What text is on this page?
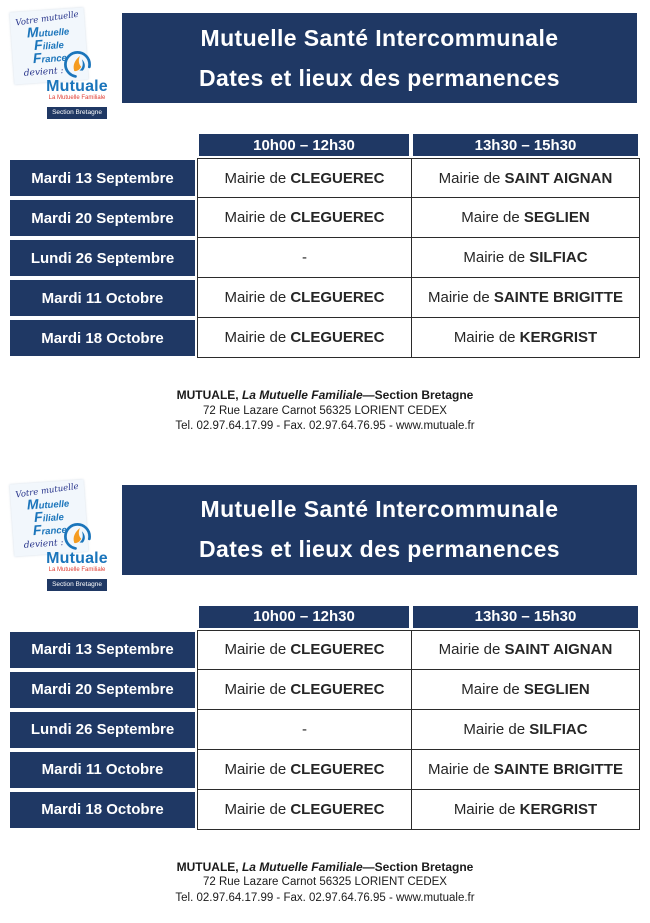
Votre mutuelle
Mutuelle
Filiale
France
devient :
Mutuale
La Mutuelle Familiale
Section Bretagne
Mutuelle Santé Intercommunale
Dates et lieux des permanences
10h00 – 12h30	13h30 – 15h30
Mardi 13 Septembre	Mairie de CLEGUEREC	Mairie de SAINT AIGNAN
Mardi 20 Septembre	Mairie de CLEGUEREC	Maire de SEGLIEN
Lundi 26 Septembre	-	Mairie de SILFIAC
Mardi 11 Octobre	Mairie de CLEGUEREC	Mairie de SAINTE BRIGITTE
Mardi 18 Octobre	Mairie de CLEGUEREC	Mairie de KERGRIST
MUTUALE, La Mutuelle Familiale—Section Bretagne
72 Rue Lazare Carnot 56325 LORIENT CEDEX
Tel. 02.97.64.17.99 - Fax. 02.97.64.76.95 - www.mutuale.fr
Votre mutuelle
Mutuelle
Filiale
France
devient :
Mutuale
La Mutuelle Familiale
Section Bretagne
Mutuelle Santé Intercommunale
Dates et lieux des permanences
10h00 – 12h30	13h30 – 15h30
Mardi 13 Septembre	Mairie de CLEGUEREC	Mairie de SAINT AIGNAN
Mardi 20 Septembre	Mairie de CLEGUEREC	Maire de SEGLIEN
Lundi 26 Septembre	-	Mairie de SILFIAC
Mardi 11 Octobre	Mairie de CLEGUEREC	Mairie de SAINTE BRIGITTE
Mardi 18 Octobre	Mairie de CLEGUEREC	Mairie de KERGRIST
MUTUALE, La Mutuelle Familiale—Section Bretagne
72 Rue Lazare Carnot 56325 LORIENT CEDEX
Tel. 02.97.64.17.99 - Fax. 02.97.64.76.95 - www.mutuale.fr
